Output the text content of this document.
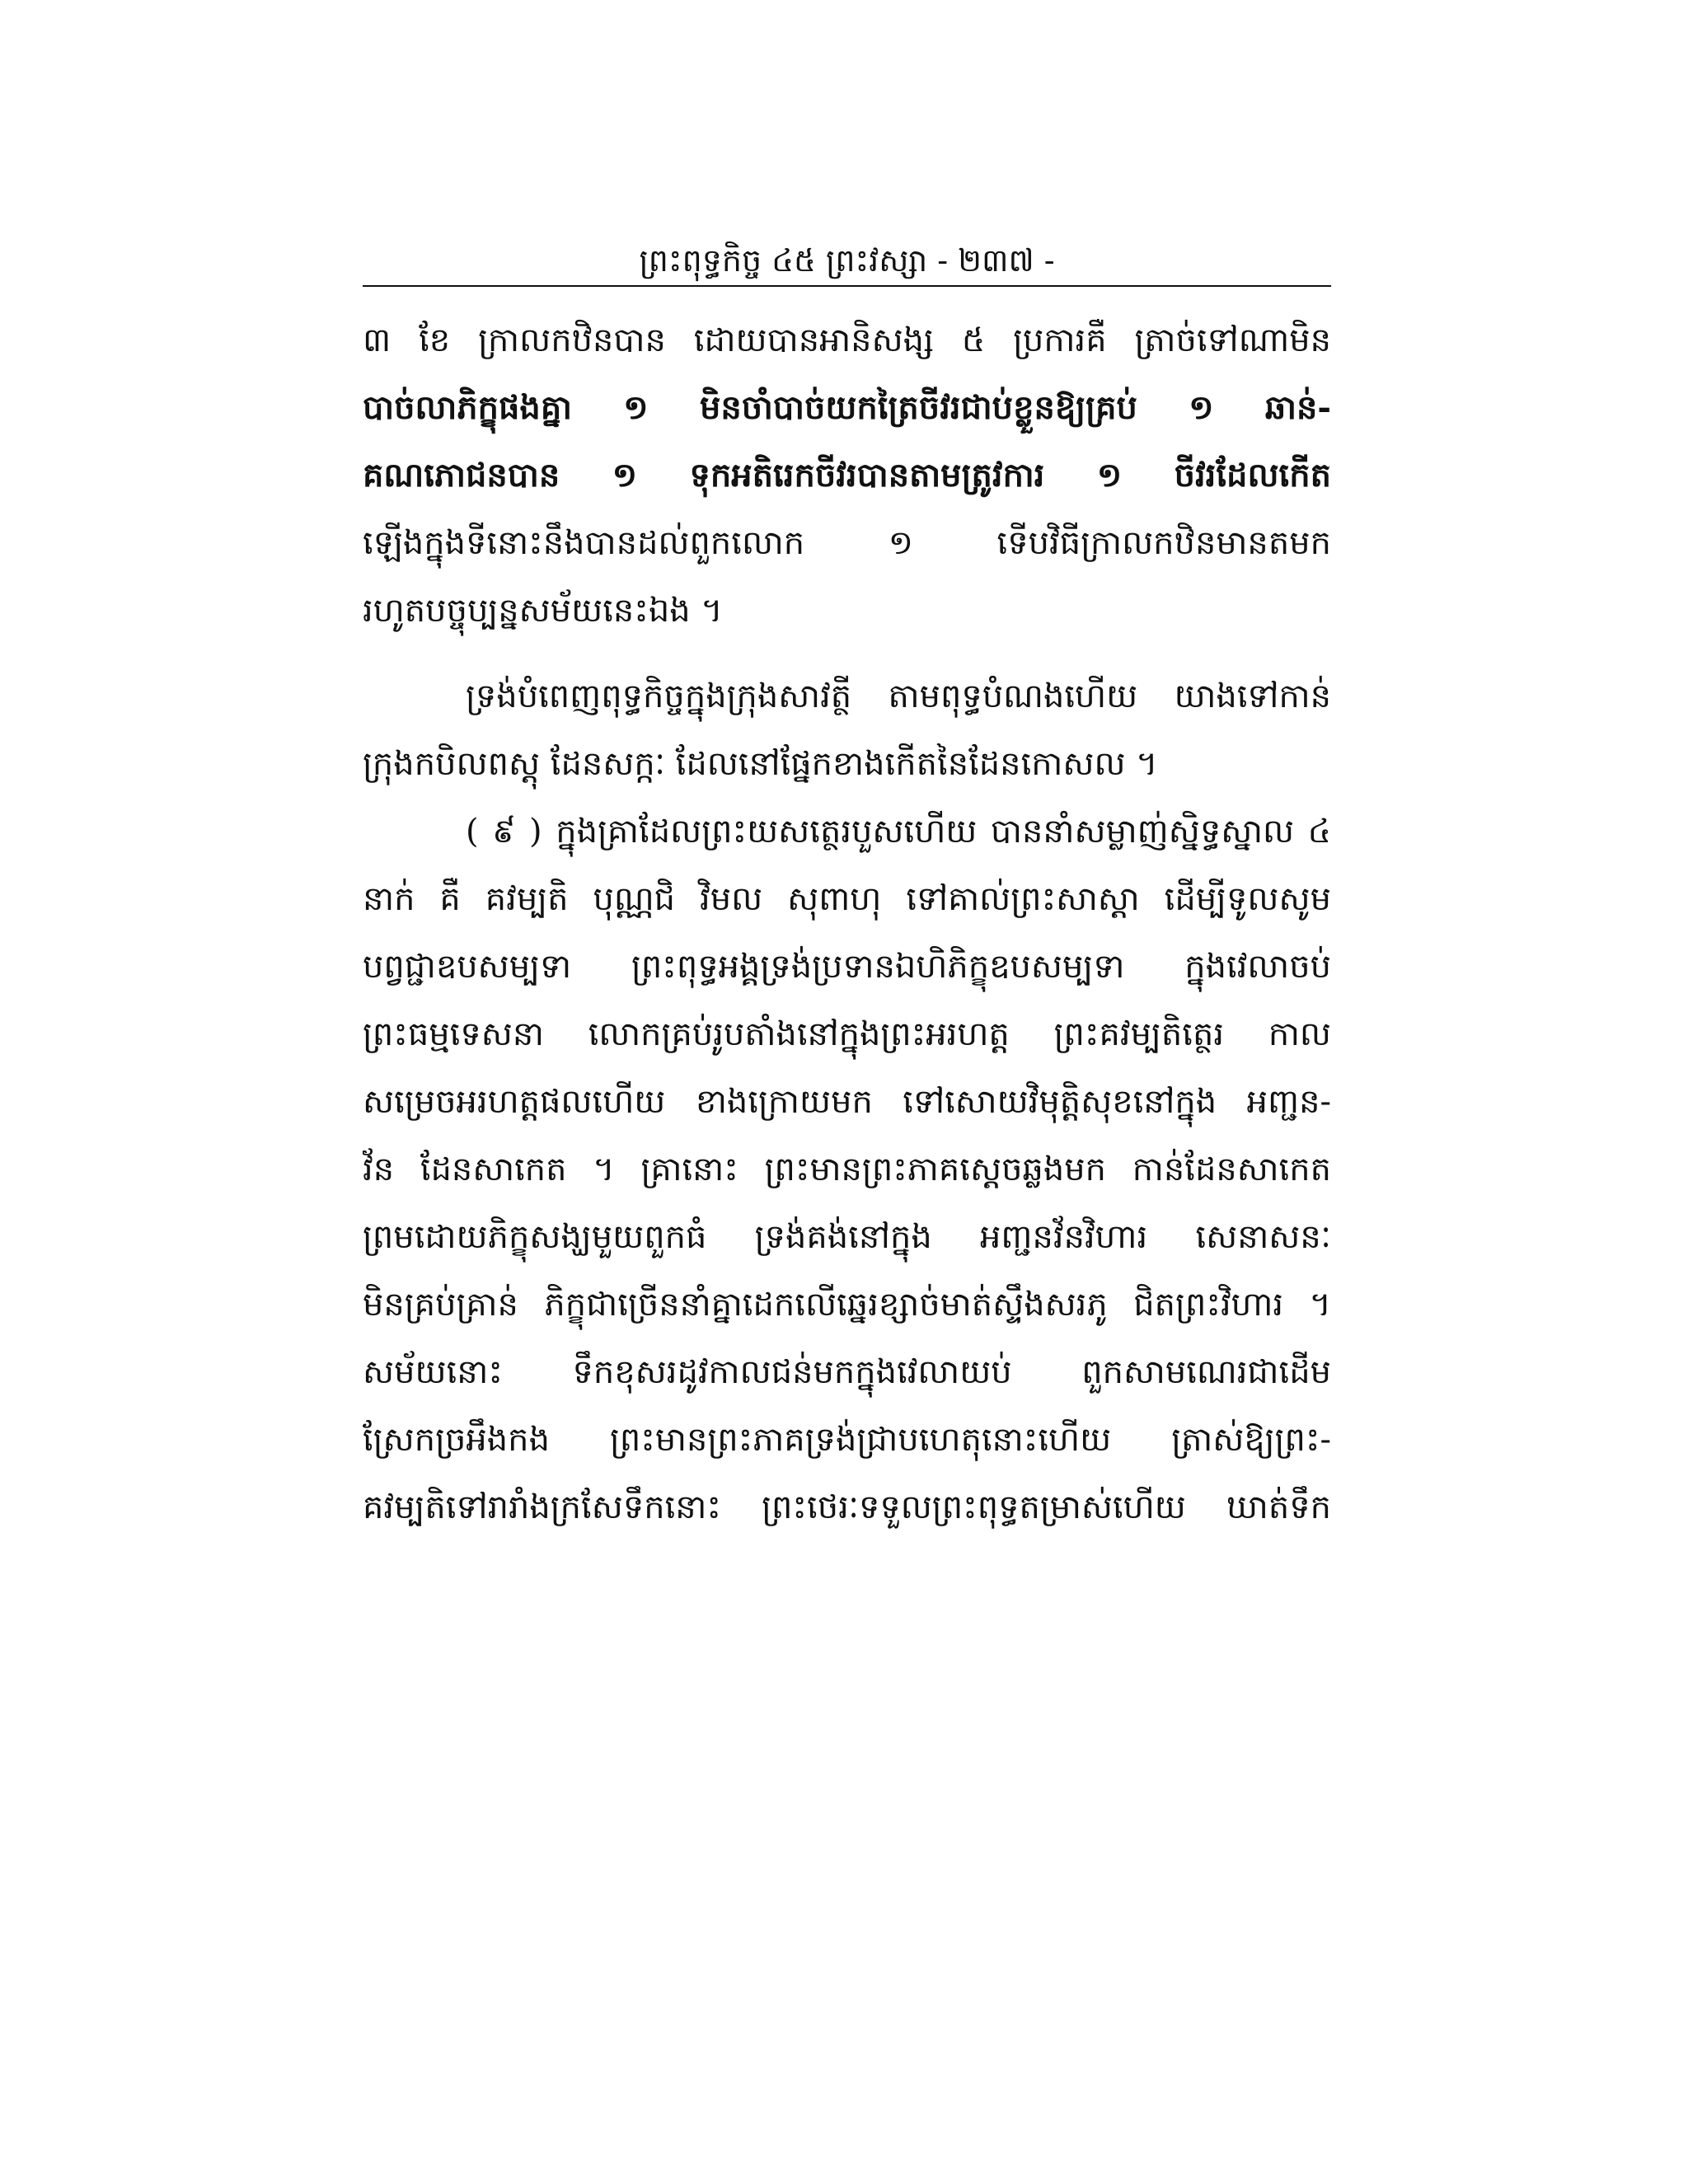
ព្រះពុទ្ធកិច្ច ៤៥ ព្រះវស្សា - ២៣៧ -
៣ ខែ ក្រាលកឋិនបាន ដោយបានអានិសង្ស ៥ ប្រការគឺ ត្រាច់ទៅណាមិន
បាច់លាភិក្ខុផងគ្នា ១ មិនចាំបាច់យកត្រៃចីវរជាប់ខ្លួនឱ្យគ្រប់ ១ ឆាន់-
គណភោជនបាន ១ ទុកអតិរេកចីវរបានតាមត្រូវការ ១ ចីវរដែលកើត
ឡើងក្នុងទីនោះនឹងបានដល់ពួកលោក ១ ទើបវិធីក្រាលកឋិនមានតមក
រហូតបច្ចុប្បន្នសម័យនេះឯង ។
ទ្រង់បំពេញពុទ្ធកិច្ចក្នុងក្រុងសាវត្ថី តាមពុទ្ធបំណងហើយ យាងទៅកាន់
ក្រុងកបិលពស្តុ ដែនសក្កៈ ដែលនៅផ្នែកខាងកើតនៃដែនកោសល ។
( ៩ ) ក្នុងគ្រាដែលព្រះយសត្ថេរបួសហើយ បាននាំសម្លាញ់ស្និទ្ធស្នាល ៤
នាក់ គឺ គវម្បតិ បុណ្ណជិ វិមល សុពាហុ ទៅគាល់ព្រះសាស្តា ដើម្បីទូលសូម
បព្វជ្ជាឧបសម្បទា ព្រះពុទ្ធអង្គទ្រង់ប្រទានឯហិភិក្ខុឧបសម្បទា ក្នុងវេលាចប់
ព្រះធម្មទេសនា លោកគ្រប់រូបតាំងនៅក្នុងព្រះអរហត្ត ព្រះគវម្បតិត្ថេរ កាល
សម្រេចអរហត្តផលហើយ ខាងក្រោយមក ទៅសោយវិមុត្តិសុខនៅក្នុង អញ្ជន-
វ័ន ដែនសាកេត ។ គ្រានោះ ព្រះមានព្រះភាគស្តេចឆ្លងមក កាន់ដែនសាកេត
ព្រមដោយភិក្ខុសង្ឃមួយពួកធំ ទ្រង់គង់នៅក្នុង អញ្ជនវ័នវិហារ សេនាសនៈ
មិនគ្រប់គ្រាន់ ភិក្ខុជាច្រើននាំគ្នាដេកលើឆ្នេរខ្សាច់មាត់ស្ទឹងសរភូ ជិតព្រះវិហារ ។
សម័យនោះ ទឹកខុសរដូវកាលជន់មកក្នុងវេលាយប់ ពួកសាមណេរជាដើម
ស្រែកច្រអឹងកង ព្រះមានព្រះភាគទ្រង់ជ្រាបហេតុនោះហើយ ត្រាស់ឱ្យព្រះ-
គវម្បតិទៅរារាំងក្រសែទឹកនោះ ព្រះថេរៈទទួលព្រះពុទ្ធតម្រាស់ហើយ ឃាត់ទឹក
